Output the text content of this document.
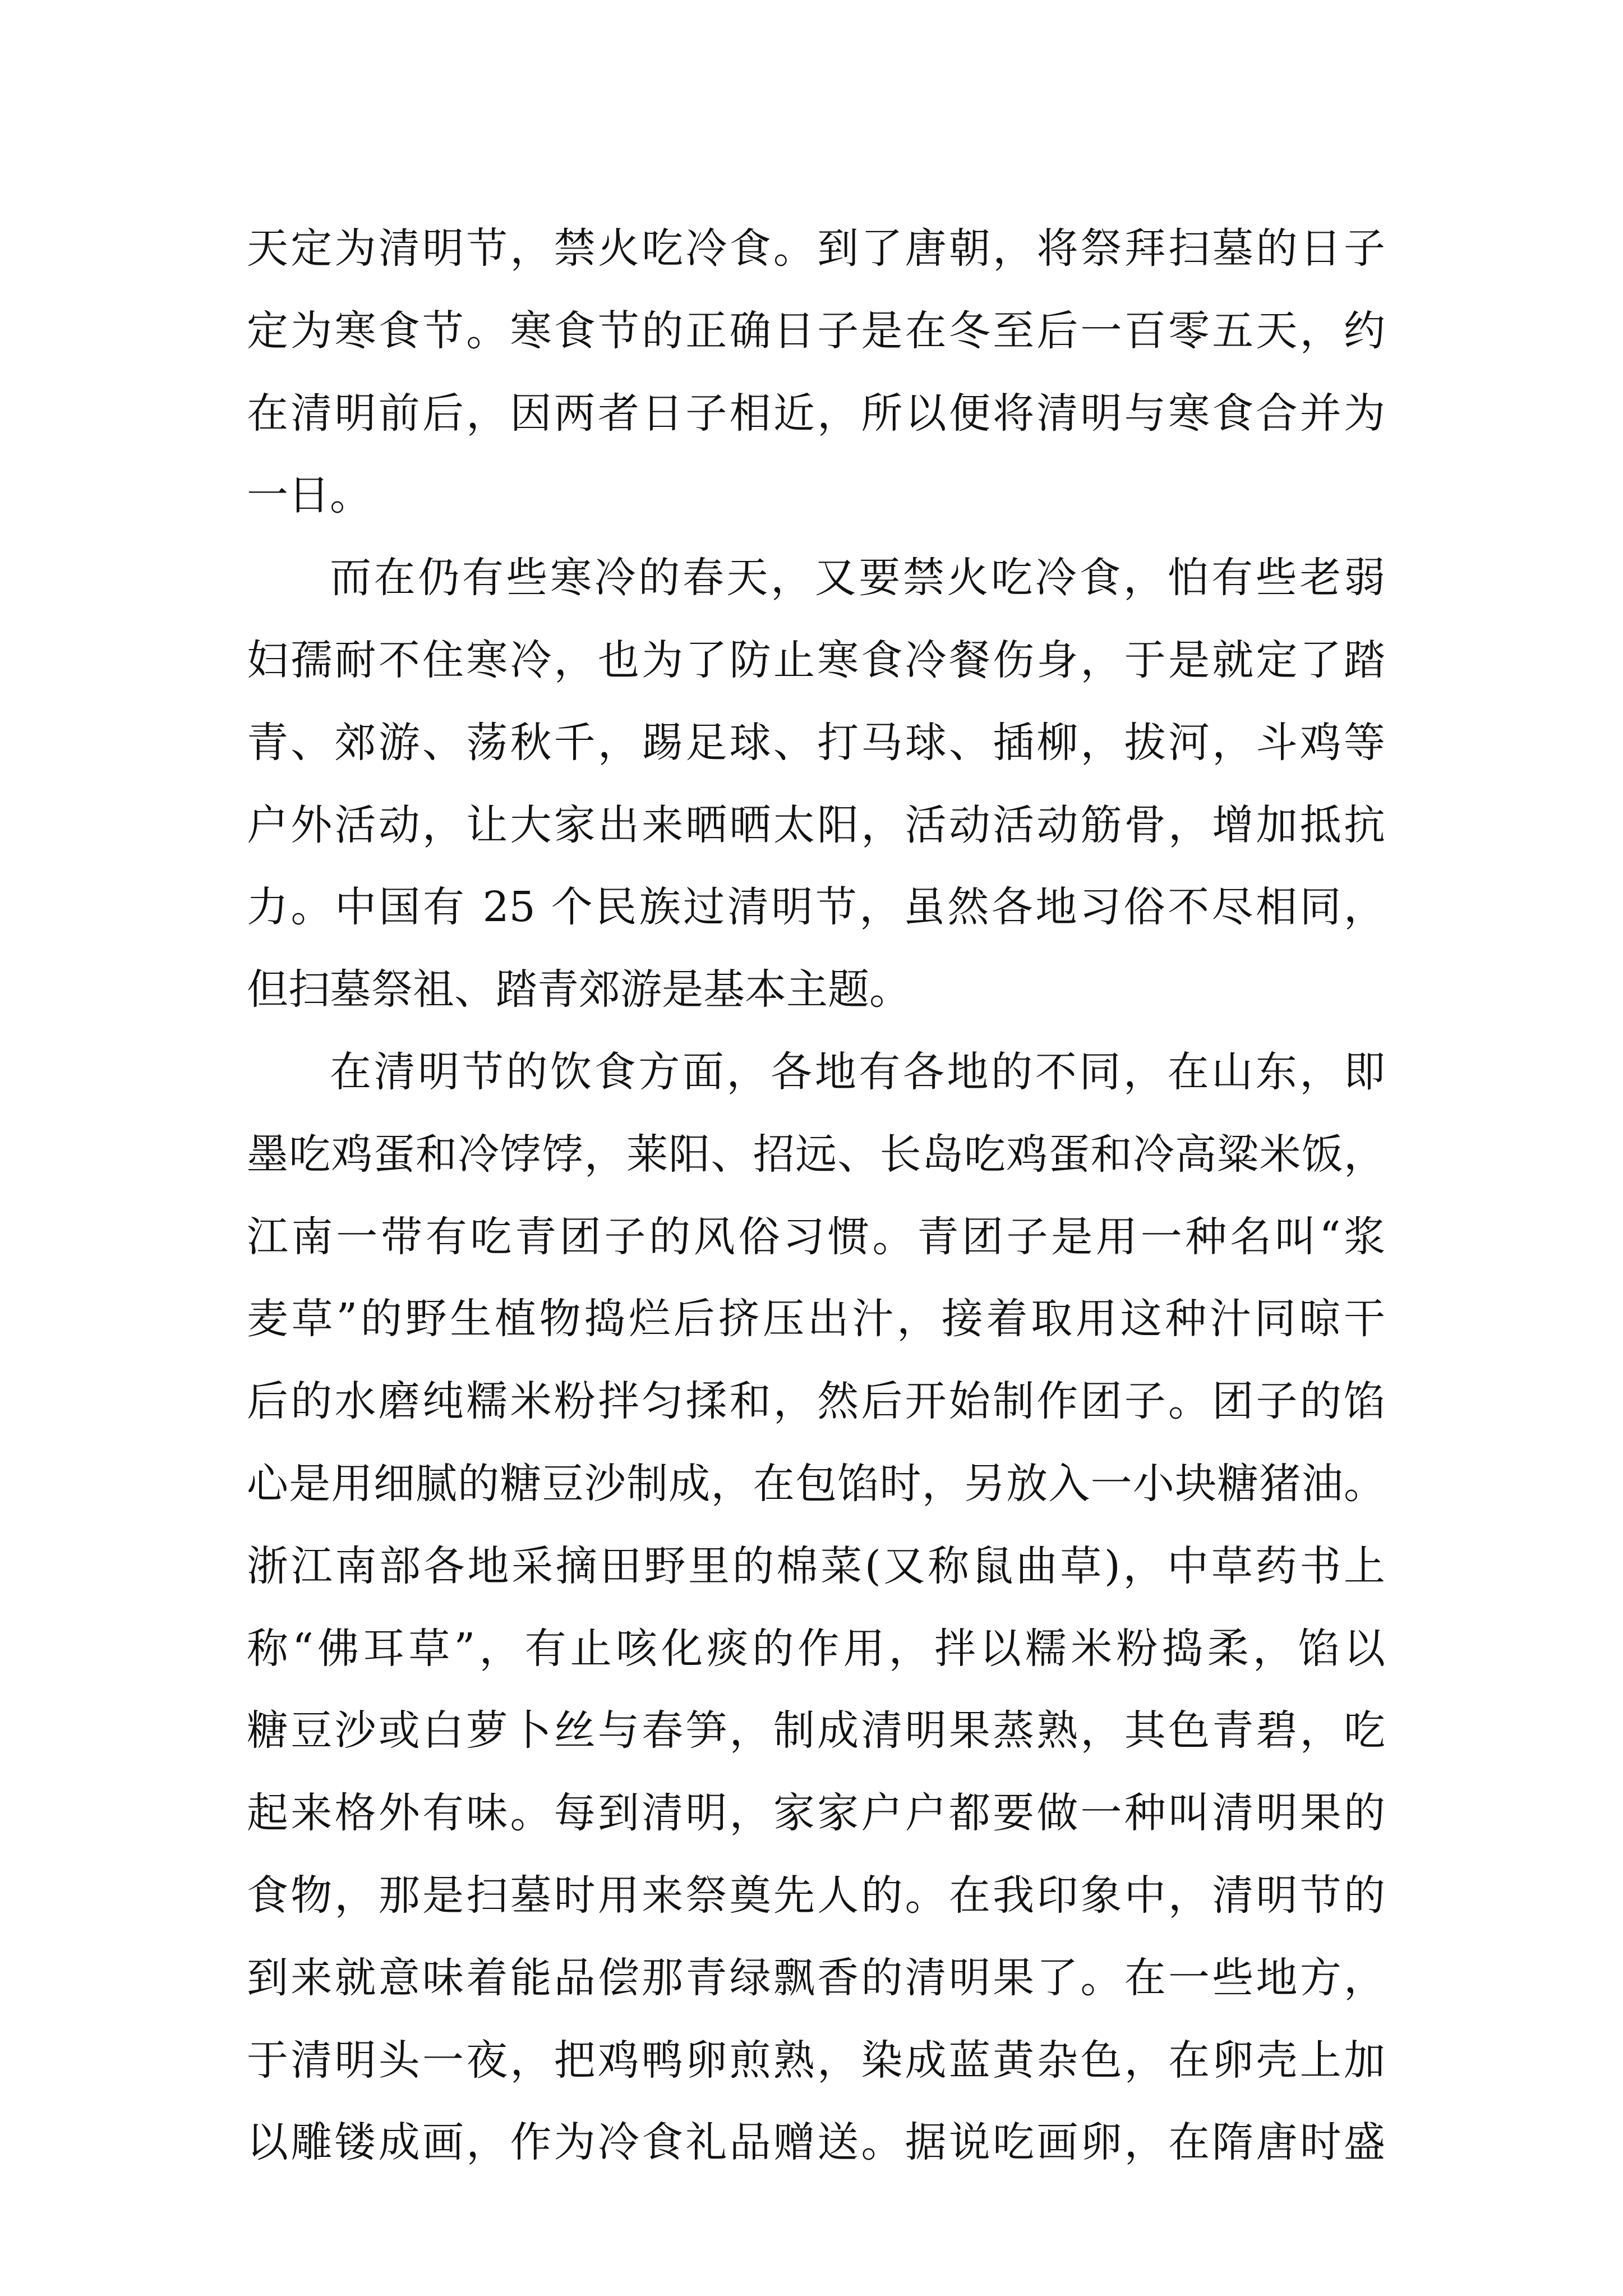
天定为清明节，禁火吃冷食。到了唐朝，将祭拜扫墓的日子
定为寒食节。寒食节的正确日子是在冬至后一百零五天，约
在清明前后，因两者日子相近，所以便将清明与寒食合并为
一日。
而在仍有些寒冷的春天，又要禁火吃冷食，怕有些老弱
妇孺耐不住寒冷，也为了防止寒食冷餐伤身，于是就定了踏
青、郊游、荡秋千，踢足球、打马球、插柳，拔河，斗鸡等
户外活动，让大家出来晒晒太阳，活动活动筋骨，增加抵抗
力。中国有 25 个民族过清明节，虽然各地习俗不尽相同，
但扫墓祭祖、踏青郊游是基本主题。
在清明节的饮食方面，各地有各地的不同，在山东，即
墨吃鸡蛋和冷饽饽，莱阳、招远、长岛吃鸡蛋和冷高粱米饭，
江南一带有吃青团子的风俗习惯。青团子是用一种名叫“浆
麦草”的野生植物捣烂后挤压出汁，接着取用这种汁同晾干
后的水磨纯糯米粉拌匀揉和，然后开始制作团子。团子的馅
心是用细腻的糖豆沙制成，在包馅时，另放入一小块糖猪油。
浙江南部各地采摘田野里的棉菜(又称鼠曲草)，中草药书上
称“佛耳草”，有止咳化痰的作用，拌以糯米粉捣柔，馅以
糖豆沙或白萝卜丝与春笋，制成清明果蒸熟，其色青碧，吃
起来格外有味。每到清明，家家户户都要做一种叫清明果的
食物，那是扫墓时用来祭奠先人的。在我印象中，清明节的
到来就意味着能品偿那青绿飘香的清明果了。在一些地方，
于清明头一夜，把鸡鸭卵煎熟，染成蓝黄杂色，在卵壳上加
以雕镂成画，作为冷食礼品赠送。据说吃画卵，在隋唐时盛
